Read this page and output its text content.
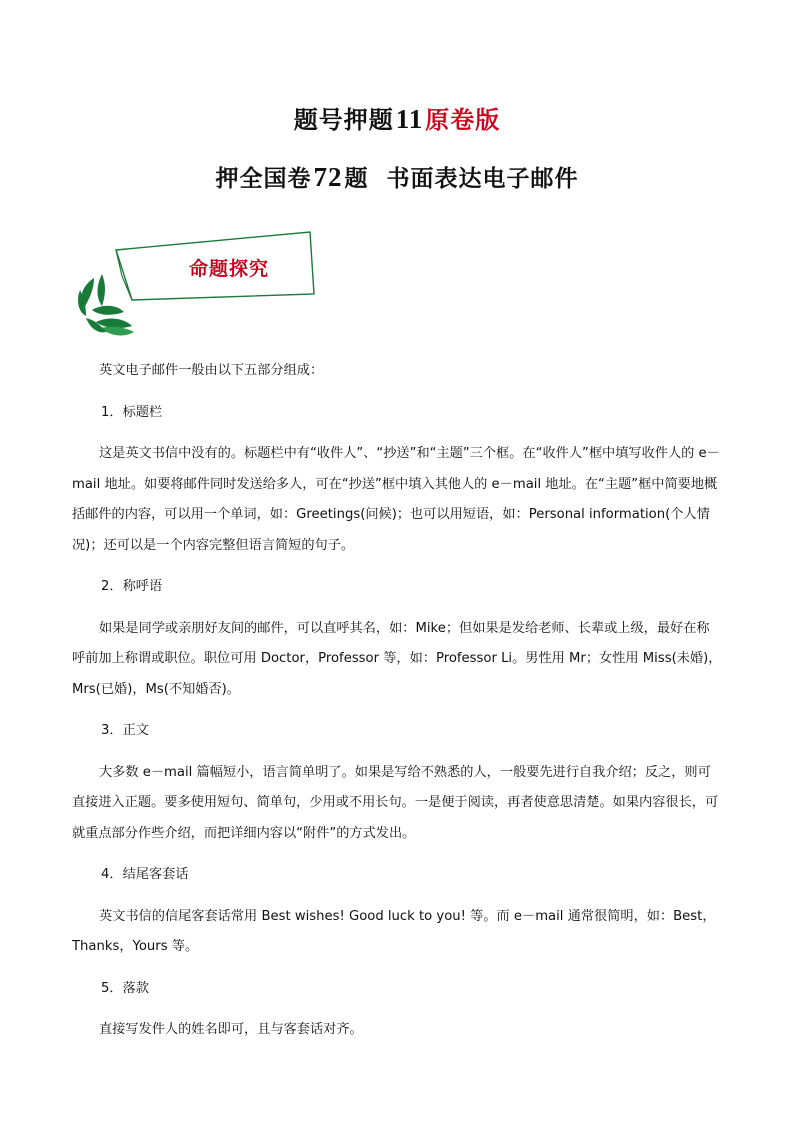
题号押题11原卷版
押全国卷72题  书面表达电子邮件
命题探究

英文电子邮件一般由以下五部分组成：

1．标题栏

这是英文书信中没有的。标题栏中有“收件人”、“抄送”和“主题”三个框。在“收件人”框中填写收件人的 e－mail 地址。如要将邮件同时发送给多人，可在“抄送”框中填入其他人的 e－mail 地址。在“主题”框中简要地概括邮件的内容，可以用一个单词，如：Greetings(问候)；也可以用短语，如：Personal information(个人情况)；还可以是一个内容完整但语言简短的句子。

2．称呼语

如果是同学或亲朋好友间的邮件，可以直呼其名，如：Mike；但如果是发给老师、长辈或上级，最好在称呼前加上称谓或职位。职位可用 Doctor，Professor 等，如：Professor Li。男性用 Mr；女性用 Miss(未婚)，Mrs(已婚)，Ms(不知婚否)。

3．正文

大多数 e－mail 篇幅短小，语言简单明了。如果是写给不熟悉的人，一般要先进行自我介绍；反之，则可直接进入正题。要多使用短句、简单句，少用或不用长句。一是便于阅读，再者使意思清楚。如果内容很长，可就重点部分作些介绍，而把详细内容以“附件”的方式发出。

4．结尾客套话

英文书信的信尾客套话常用 Best wishes! Good luck to you! 等。而 e－mail 通常很简明，如：Best，Thanks，Yours 等。

5．落款

直接写发件人的姓名即可，且与客套话对齐。
